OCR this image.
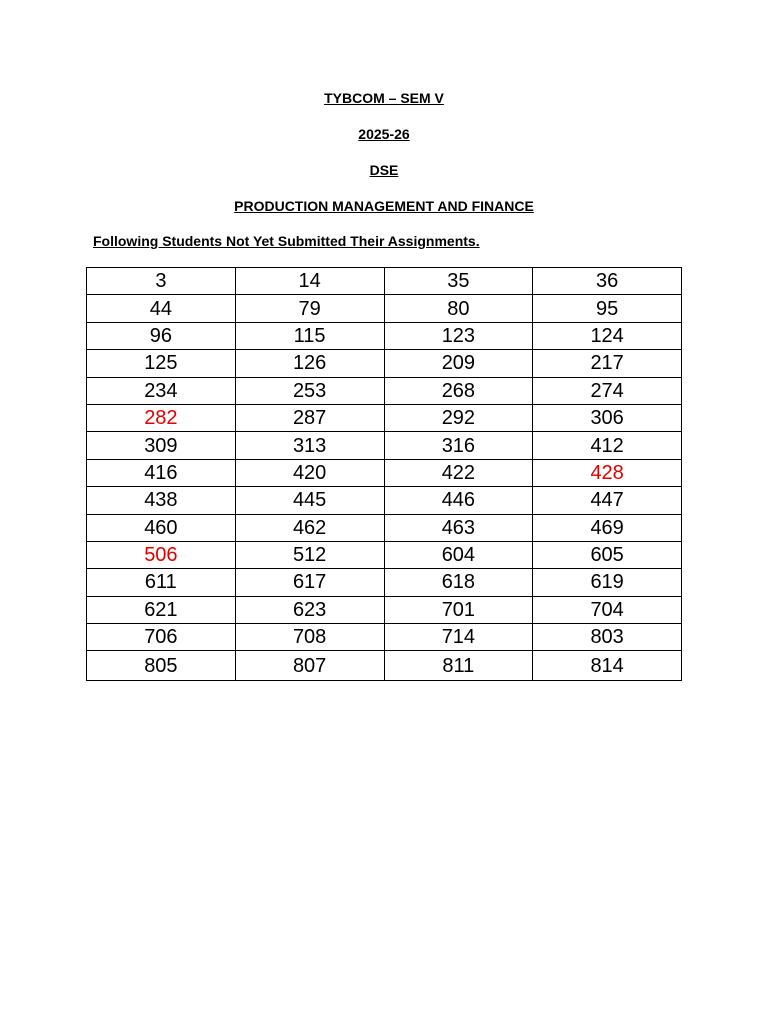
TYBCOM – SEM V
2025-26
DSE
PRODUCTION MANAGEMENT AND FINANCE
Following Students Not Yet Submitted Their Assignments.
3	14	35	36
44	79	80	95
96	115	123	124
125	126	209	217
234	253	268	274
282	287	292	306
309	313	316	412
416	420	422	428
438	445	446	447
460	462	463	469
506	512	604	605
611	617	618	619
621	623	701	704
706	708	714	803
805	807	811	814
